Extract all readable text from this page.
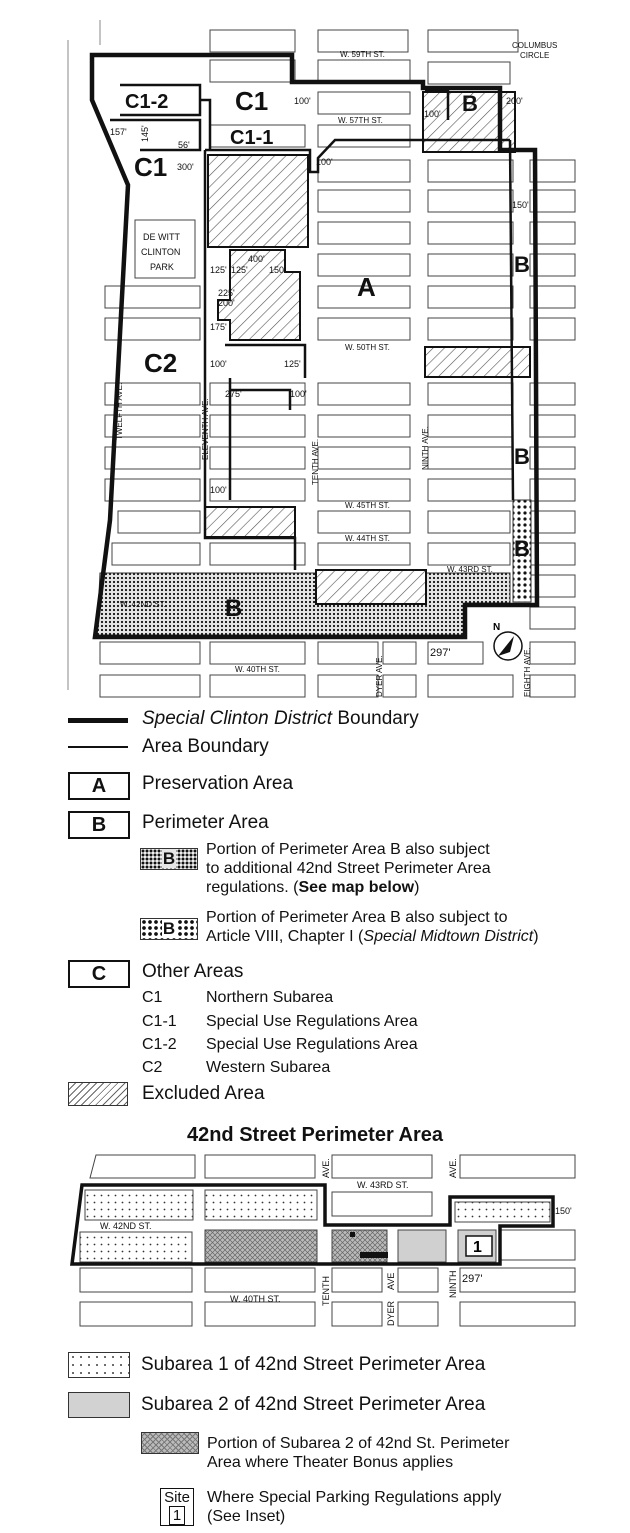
A
B
B
B
B
B
C1
C1
C1-1
C1-2
C2
W. 59TH ST.
W. 57TH ST.
W. 50TH ST.
W. 45TH ST.
W. 44TH ST.
W. 43RD ST.
W. 42ND ST.
W. 40TH ST.
TWELFTH AVE.	ELEVENTH AVE.
TENTH AVE.	NINTH AVE.
DYER AVE.	EIGHTH AVE.
COLUMBUS
CIRCLE
DE WITT
CLINTON
PARK
100'	200'
100'
157' 145'
56'
300'	100'
150'
400'
125' 125' 150'
225'
200'
175'
100'	125'
275'	100'
100'
297'
N
Special Clinton District Boundary
Area Boundary
A	Preservation Area
B	Perimeter Area
B	Portion of Perimeter Area B also subject
to additional 42nd Street Perimeter Area
regulations. (See map below)
B
Portion of Perimeter Area B also subject to
Article VIII, Chapter I (Special Midtown District)
C	Other Areas
C1	Northern Subarea
C1-1 Special Use Regulations Area
C1-2 Special Use Regulations Area
C2	Western Subarea
Excluded Area
42nd Street Perimeter Area
1
W. 43RD ST.
W. 42ND ST.
W. 40TH ST.
AVE.	AVE.
TENTH
DYER
AVE	NINTH
150'
297'
Subarea 1 of 42nd Street Perimeter Area
Subarea 2 of 42nd Street Perimeter Area
Portion of Subarea 2 of 42nd St. Perimeter
Area where Theater Bonus applies
Site
1
Where Special Parking Regulations apply
(See Inset)
